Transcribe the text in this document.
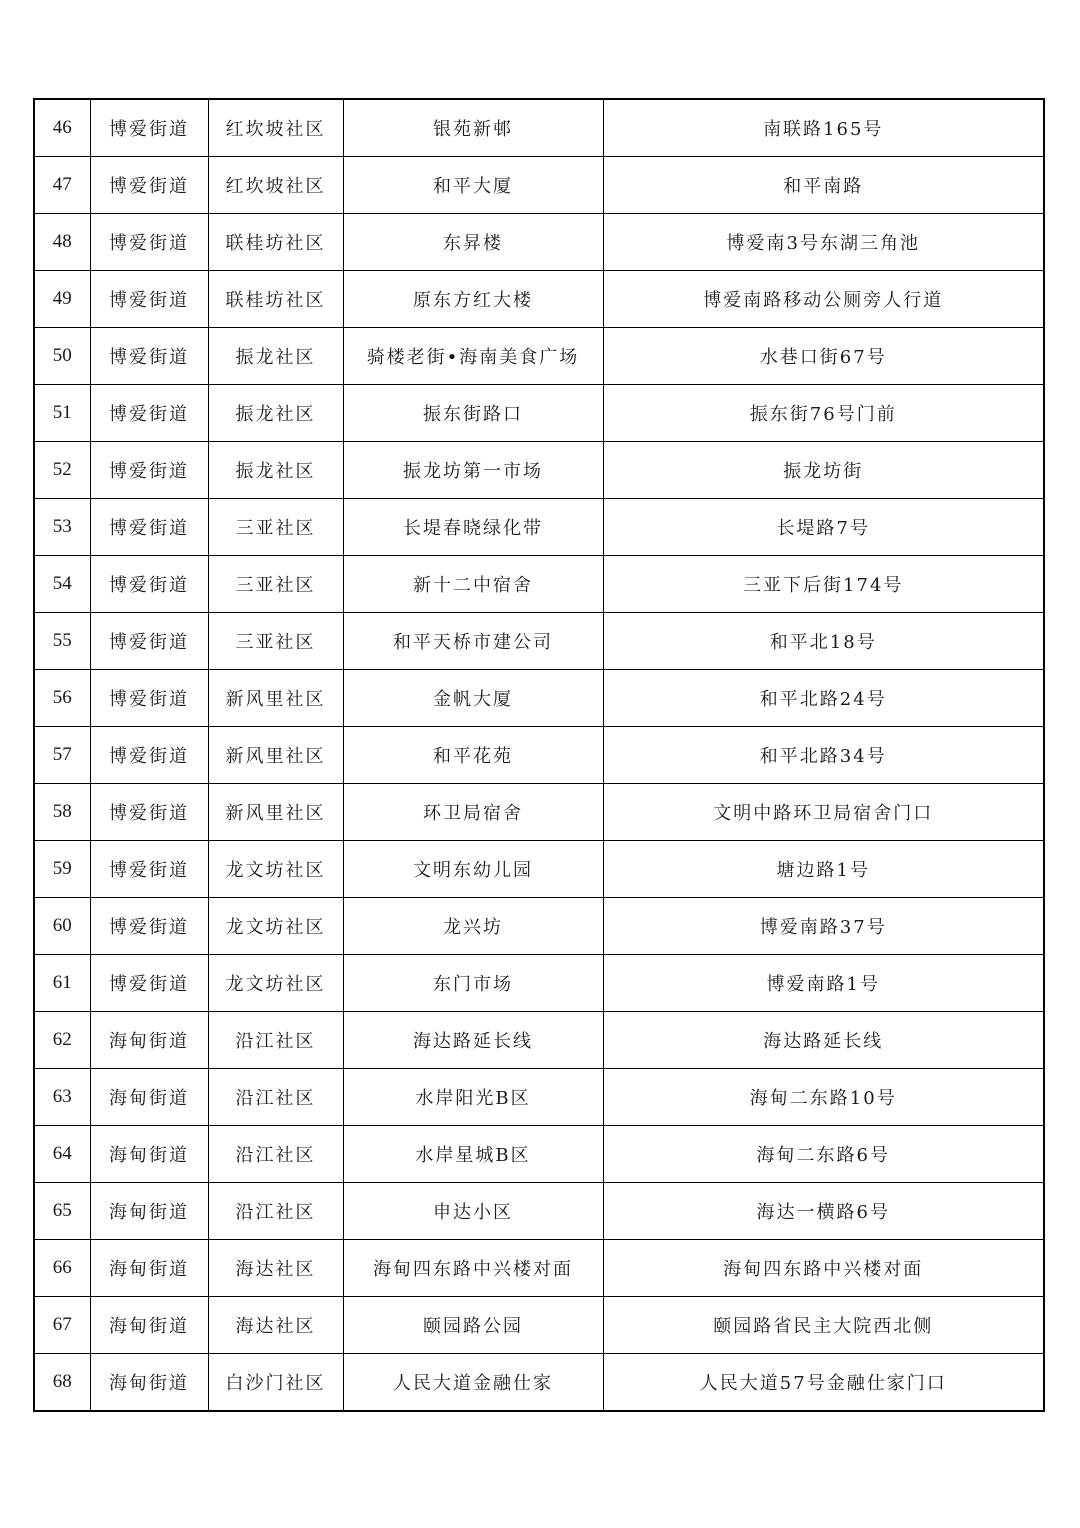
46	博爱街道	红坎坡社区	银苑新邨	南联路165号
47	博爱街道	红坎坡社区	和平大厦	和平南路
48	博爱街道	联桂坊社区	东昇楼	博爱南3号东湖三角池
49	博爱街道	联桂坊社区	原东方红大楼	博爱南路移动公厕旁人行道
50	博爱街道	振龙社区	骑楼老街•海南美食广场	水巷口街67号
51	博爱街道	振龙社区	振东街路口	振东街76号门前
52	博爱街道	振龙社区	振龙坊第一市场	振龙坊街
53	博爱街道	三亚社区	长堤春晓绿化带	长堤路7号
54	博爱街道	三亚社区	新十二中宿舍	三亚下后街174号
55	博爱街道	三亚社区	和平天桥市建公司	和平北18号
56	博爱街道	新风里社区	金帆大厦	和平北路24号
57	博爱街道	新风里社区	和平花苑	和平北路34号
58	博爱街道	新风里社区	环卫局宿舍	文明中路环卫局宿舍门口
59	博爱街道	龙文坊社区	文明东幼儿园	塘边路1号
60	博爱街道	龙文坊社区	龙兴坊	博爱南路37号
61	博爱街道	龙文坊社区	东门市场	博爱南路1号
62	海甸街道	沿江社区	海达路延长线	海达路延长线
63	海甸街道	沿江社区	水岸阳光B区	海甸二东路10号
64	海甸街道	沿江社区	水岸星城B区	海甸二东路6号
65	海甸街道	沿江社区	申达小区	海达一横路6号
66	海甸街道	海达社区	海甸四东路中兴楼对面	海甸四东路中兴楼对面
67	海甸街道	海达社区	颐园路公园	颐园路省民主大院西北侧
68	海甸街道	白沙门社区	人民大道金融仕家	人民大道57号金融仕家门口
